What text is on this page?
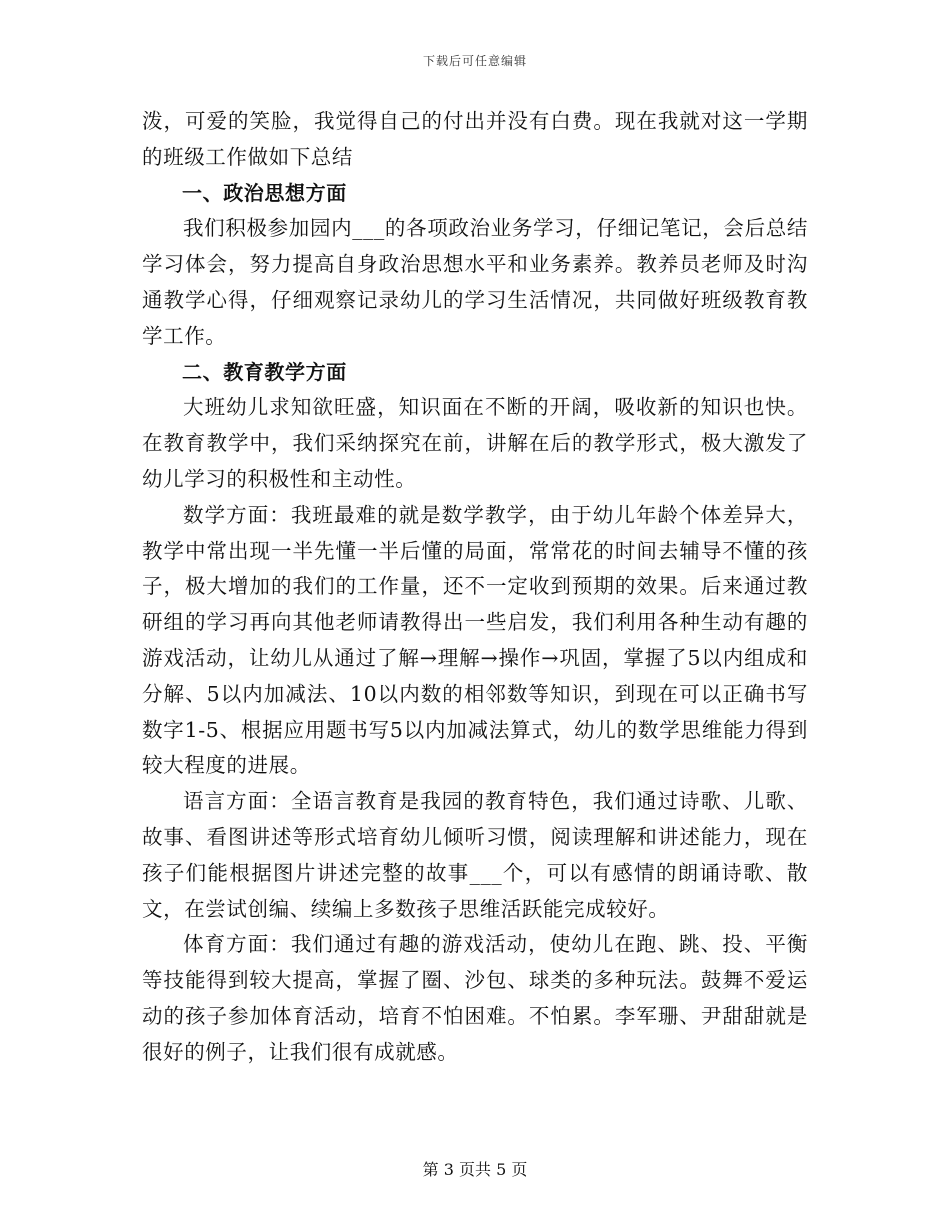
下载后可任意编辑

泼，可爱的笑脸，我觉得自己的付出并没有白费。现在我就对这一学期的班级工作做如下总结

一、政治思想方面

我们积极参加园内___的各项政治业务学习，仔细记笔记，会后总结学习体会，努力提高自身政治思想水平和业务素养。教养员老师及时沟通教学心得，仔细观察记录幼儿的学习生活情况，共同做好班级教育教学工作。

二、教育教学方面

大班幼儿求知欲旺盛，知识面在不断的开阔，吸收新的知识也快。在教育教学中，我们采纳探究在前，讲解在后的教学形式，极大激发了幼儿学习的积极性和主动性。

数学方面：我班最难的就是数学教学，由于幼儿年龄个体差异大，教学中常出现一半先懂一半后懂的局面，常常花的时间去辅导不懂的孩子，极大增加的我们的工作量，还不一定收到预期的效果。后来通过教研组的学习再向其他老师请教得出一些启发，我们利用各种生动有趣的游戏活动，让幼儿从通过了解→理解→操作→巩固，掌握了5以内组成和分解、5以内加减法、10以内数的相邻数等知识，到现在可以正确书写数字1-5、根据应用题书写5以内加减法算式，幼儿的数学思维能力得到较大程度的进展。

语言方面：全语言教育是我园的教育特色，我们通过诗歌、儿歌、故事、看图讲述等形式培育幼儿倾听习惯，阅读理解和讲述能力，现在孩子们能根据图片讲述完整的故事___个，可以有感情的朗诵诗歌、散文，在尝试创编、续编上多数孩子思维活跃能完成较好。

体育方面：我们通过有趣的游戏活动，使幼儿在跑、跳、投、平衡等技能得到较大提高，掌握了圈、沙包、球类的多种玩法。鼓舞不爱运动的孩子参加体育活动，培育不怕困难。不怕累。李军珊、尹甜甜就是很好的例子，让我们很有成就感。

第 3 页共 5 页
